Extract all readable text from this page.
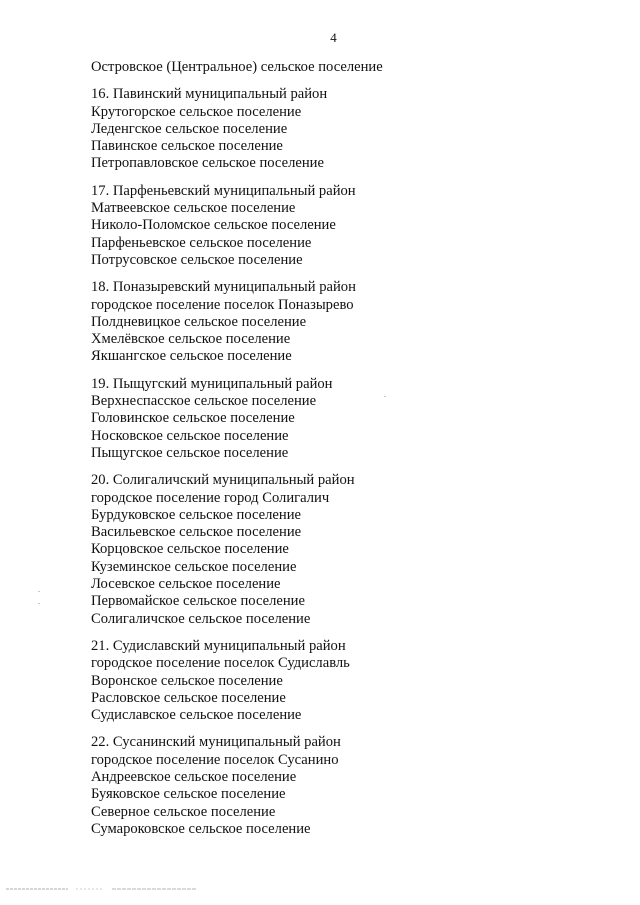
4
Островское (Центральное) сельское поселение
16. Павинский муниципальный район
Крутогорское сельское поселение
Леденгское сельское поселение
Павинское сельское поселение
Петропавловское сельское поселение
17. Парфеньевский муниципальный район
Матвеевское сельское поселение
Николо-Поломское сельское поселение
Парфеньевское сельское поселение
Потрусовское сельское поселение
18. Поназыревский муниципальный район
городское поселение поселок Поназырево
Полдневицкое сельское поселение
Хмелёвское сельское поселение
Якшангское сельское поселение
19. Пыщугский муниципальный район
Верхнеспасское сельское поселение
Головинское сельское поселение
Носковское сельское поселение
Пыщугское сельское поселение
20. Солигаличский муниципальный район
городское поселение город Солигалич
Бурдуковское сельское поселение
Васильевское сельское поселение
Корцовское сельское поселение
Куземинское сельское поселение
Лосевское сельское поселение
Первомайское сельское поселение
Солигаличское сельское поселение
21. Судиславский муниципальный район
городское поселение поселок Судиславль
Воронское сельское поселение
Расловское сельское поселение
Судиславское сельское поселение
22. Сусанинский муниципальный район
городское поселение поселок Сусанино
Андреевское сельское поселение
Буяковское сельское поселение
Северное сельское поселение
Сумароковское сельское поселение
